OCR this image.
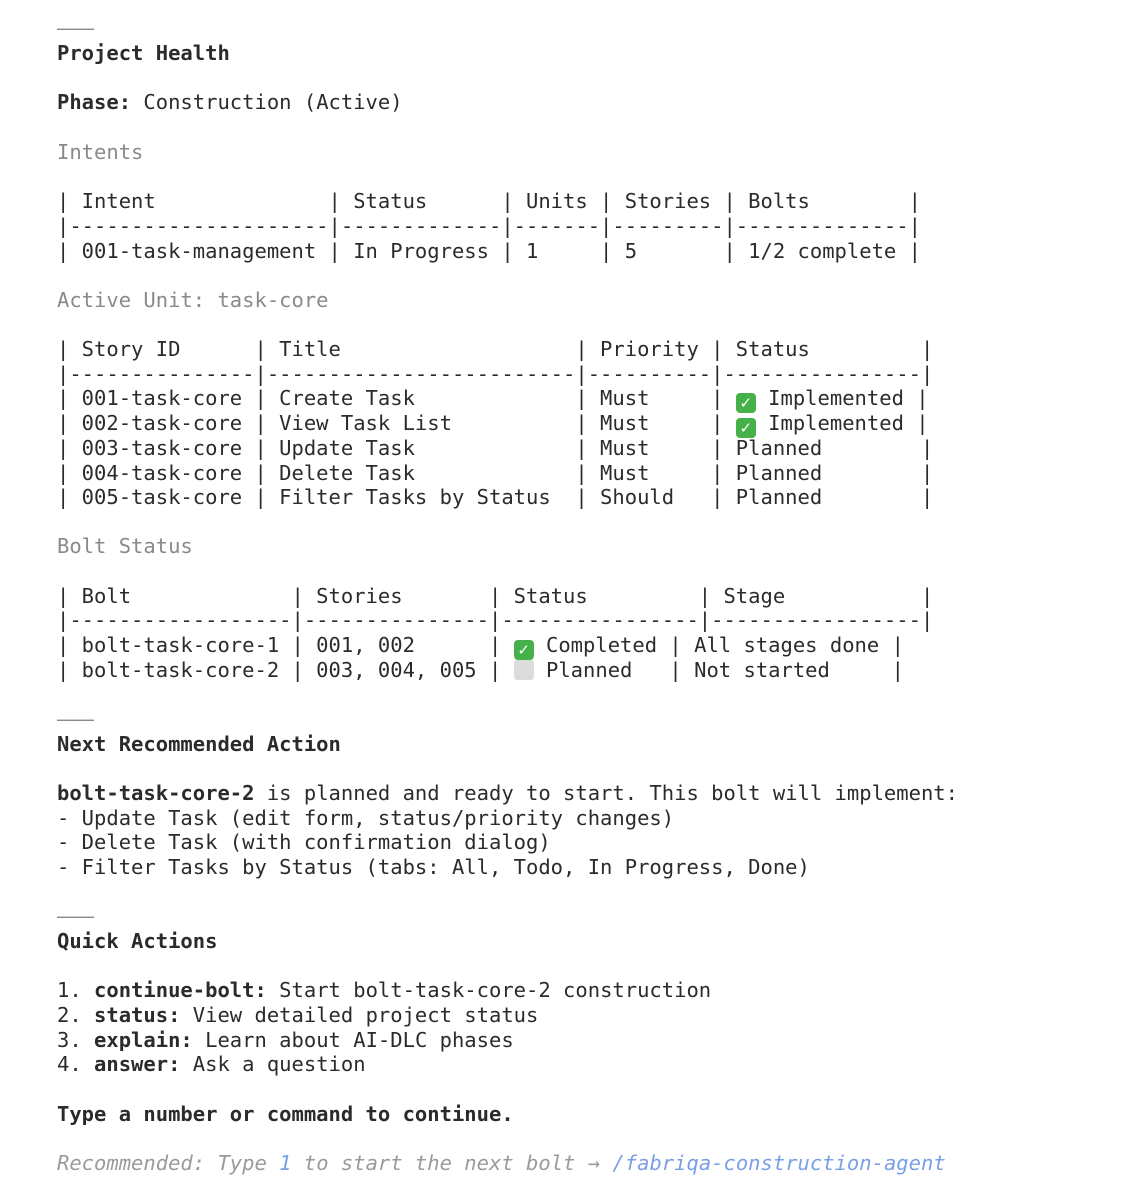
———
Project Health
Phase: Construction (Active)
Intents
| Intent              | Status      | Units | Stories | Bolts        |
|---------------------|-------------|-------|---------|--------------|
| 001-task-management | In Progress | 1     | 5       | 1/2 complete |
Active Unit: task-core
| Story ID      | Title                   | Priority | Status         |
|---------------|-------------------------|----------|----------------|
| 001-task-core | Create Task             | Must     | ✓ Implemented |
| 002-task-core | View Task List          | Must     | ✓ Implemented |
| 003-task-core | Update Task             | Must     | Planned        |
| 004-task-core | Delete Task             | Must     | Planned        |
| 005-task-core | Filter Tasks by Status  | Should   | Planned        |
Bolt Status
| Bolt             | Stories       | Status         | Stage           |
|------------------|---------------|----------------|-----------------|
| bolt-task-core-1 | 001, 002      | ✓ Completed | All stages done |
| bolt-task-core-2 | 003, 004, 005 |  Planned   | Not started     |
———
Next Recommended Action
bolt-task-core-2 is planned and ready to start. This bolt will implement:
- Update Task (edit form, status/priority changes)
- Delete Task (with confirmation dialog)
- Filter Tasks by Status (tabs: All, Todo, In Progress, Done)
———
Quick Actions
1. continue-bolt: Start bolt-task-core-2 construction
2. status: View detailed project status
3. explain: Learn about AI-DLC phases
4. answer: Ask a question
Type a number or command to continue.
Recommended: Type 1 to start the next bolt → /fabriqa-construction-agent
